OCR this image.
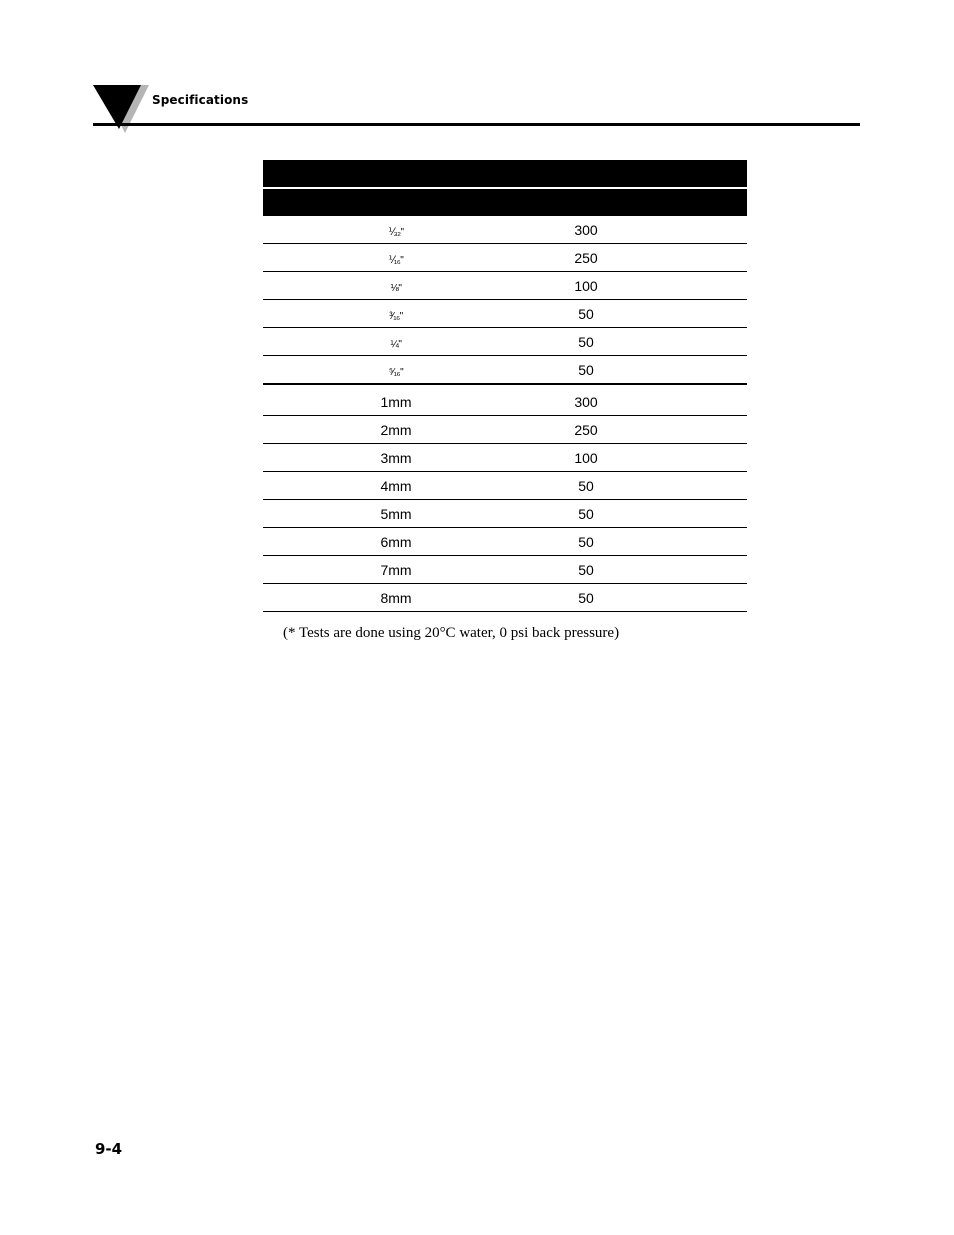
Specifications
⅟₃₂"	300
⅟₁₆"	250
⅛"	100
³⁄₁₆"	50
¼"	50
⁵⁄₁₆"	50
1mm	300
2mm	250
3mm	100
4mm	50
5mm	50
6mm	50
7mm	50
8mm	50
(* Tests are done using 20°C water, 0 psi back pressure)
9-4
